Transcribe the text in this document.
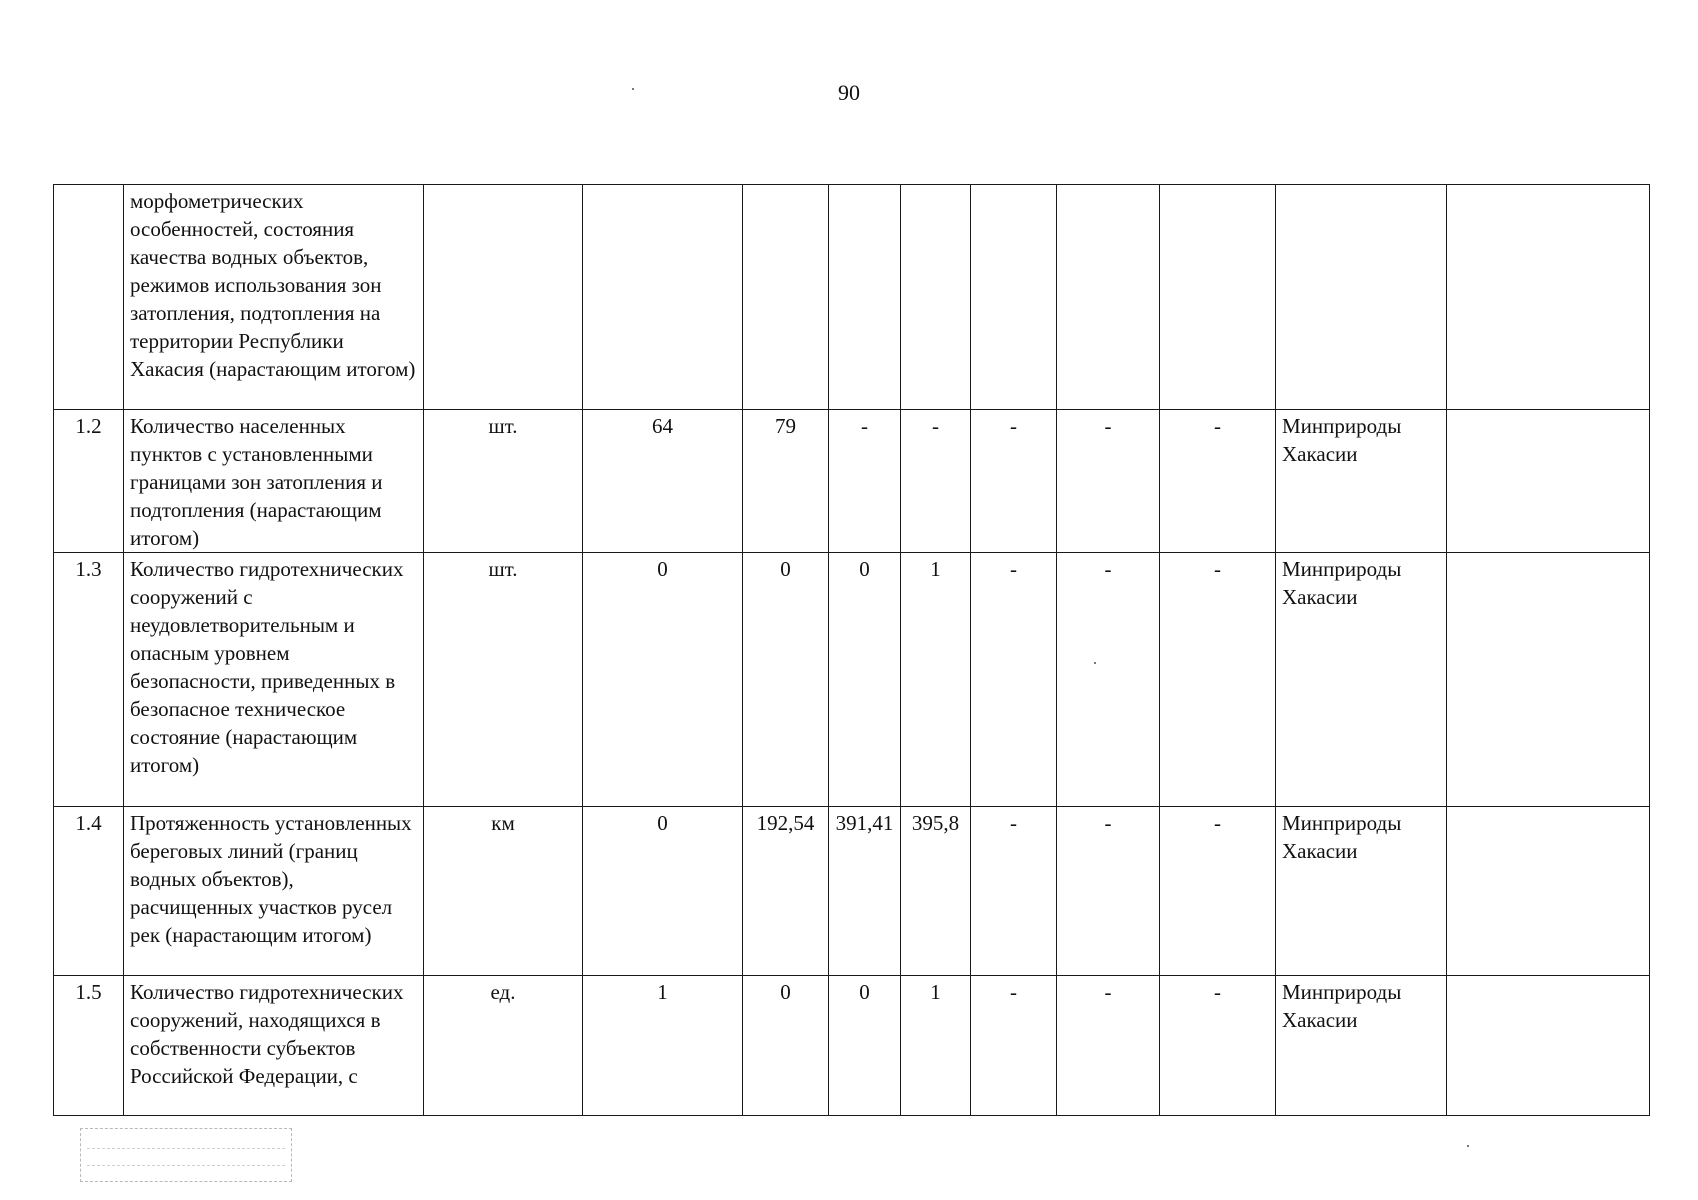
90
	морфометрических особенностей, состояния качества водных объектов, режимов использования зон затопления, подтопления на территории Республики Хакасия (нарастающим итогом)										
1.2	Количество населенных пунктов с установленными границами зон затопления и подтопления (нарастающим итогом)	шт.	64	79	-	-	-	-	-	Минприроды Хакасии	
1.3	Количество гидротехнических сооружений с неудовлетворительным и опасным уровнем безопасности, приведенных в безопасное техническое состояние (нарастающим итогом)	шт.	0	0	0	1	-	-	-	Минприроды Хакасии	
1.4	Протяженность установленных береговых линий (границ водных объектов), расчищенных участков русел рек (нарастающим итогом)	км	0	192,54	391,41	395,8	-	-	-	Минприроды Хакасии	
1.5	Количество гидротехнических сооружений, находящихся в собственности субъектов Российской Федерации, с	ед.	1	0	0	1	-	-	-	Минприроды Хакасии	
